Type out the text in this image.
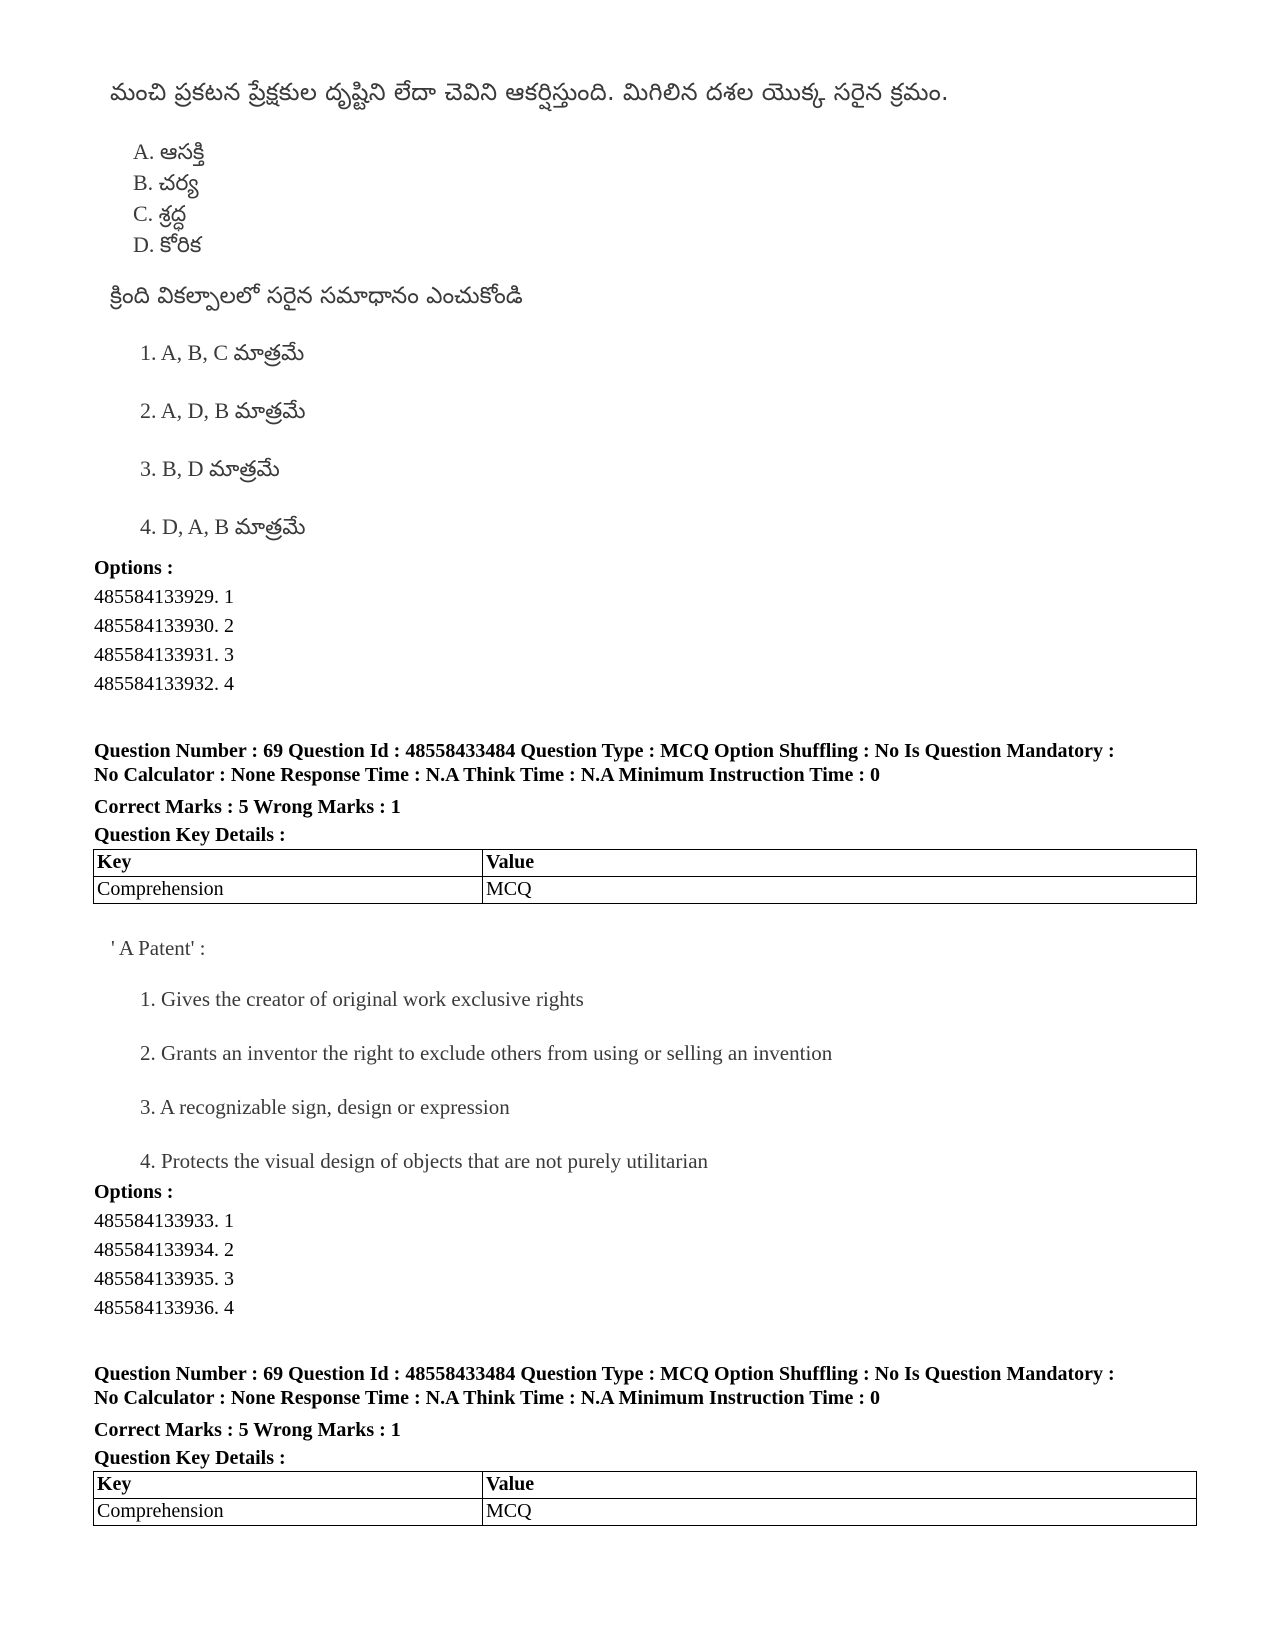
మంచి ప్రకటన ప్రేక్షకుల దృష్టిని లేదా చెవిని ఆకర్షిస్తుంది. మిగిలిన దశల యొక్క సరైన క్రమం.
A. ఆసక్తి
B. చర్య
C. శ్రద్ధ
D. కోరిక
క్రింది వికల్పాలలో సరైన సమాధానం ఎంచుకోండి
1. A, B, C మాత్రమే
2. A, D, B మాత్రమే
3. B, D మాత్రమే
4. D, A, B మాత్రమే
Options :
485584133929. 1
485584133930. 2
485584133931. 3
485584133932. 4
Question Number : 69 Question Id : 48558433484 Question Type : MCQ Option Shuffling : No Is Question Mandatory :
No Calculator : None Response Time : N.A Think Time : N.A Minimum Instruction Time : 0
Correct Marks : 5 Wrong Marks : 1
Question Key Details :
Key	Value
Comprehension	MCQ
' A Patent' :
1. Gives the creator of original work exclusive rights
2. Grants an inventor the right to exclude others from using or selling an invention
3. A recognizable sign, design or expression
4. Protects the visual design of objects that are not purely utilitarian
Options :
485584133933. 1
485584133934. 2
485584133935. 3
485584133936. 4
Question Number : 69 Question Id : 48558433484 Question Type : MCQ Option Shuffling : No Is Question Mandatory :
No Calculator : None Response Time : N.A Think Time : N.A Minimum Instruction Time : 0
Correct Marks : 5 Wrong Marks : 1
Question Key Details :
Key	Value
Comprehension	MCQ
